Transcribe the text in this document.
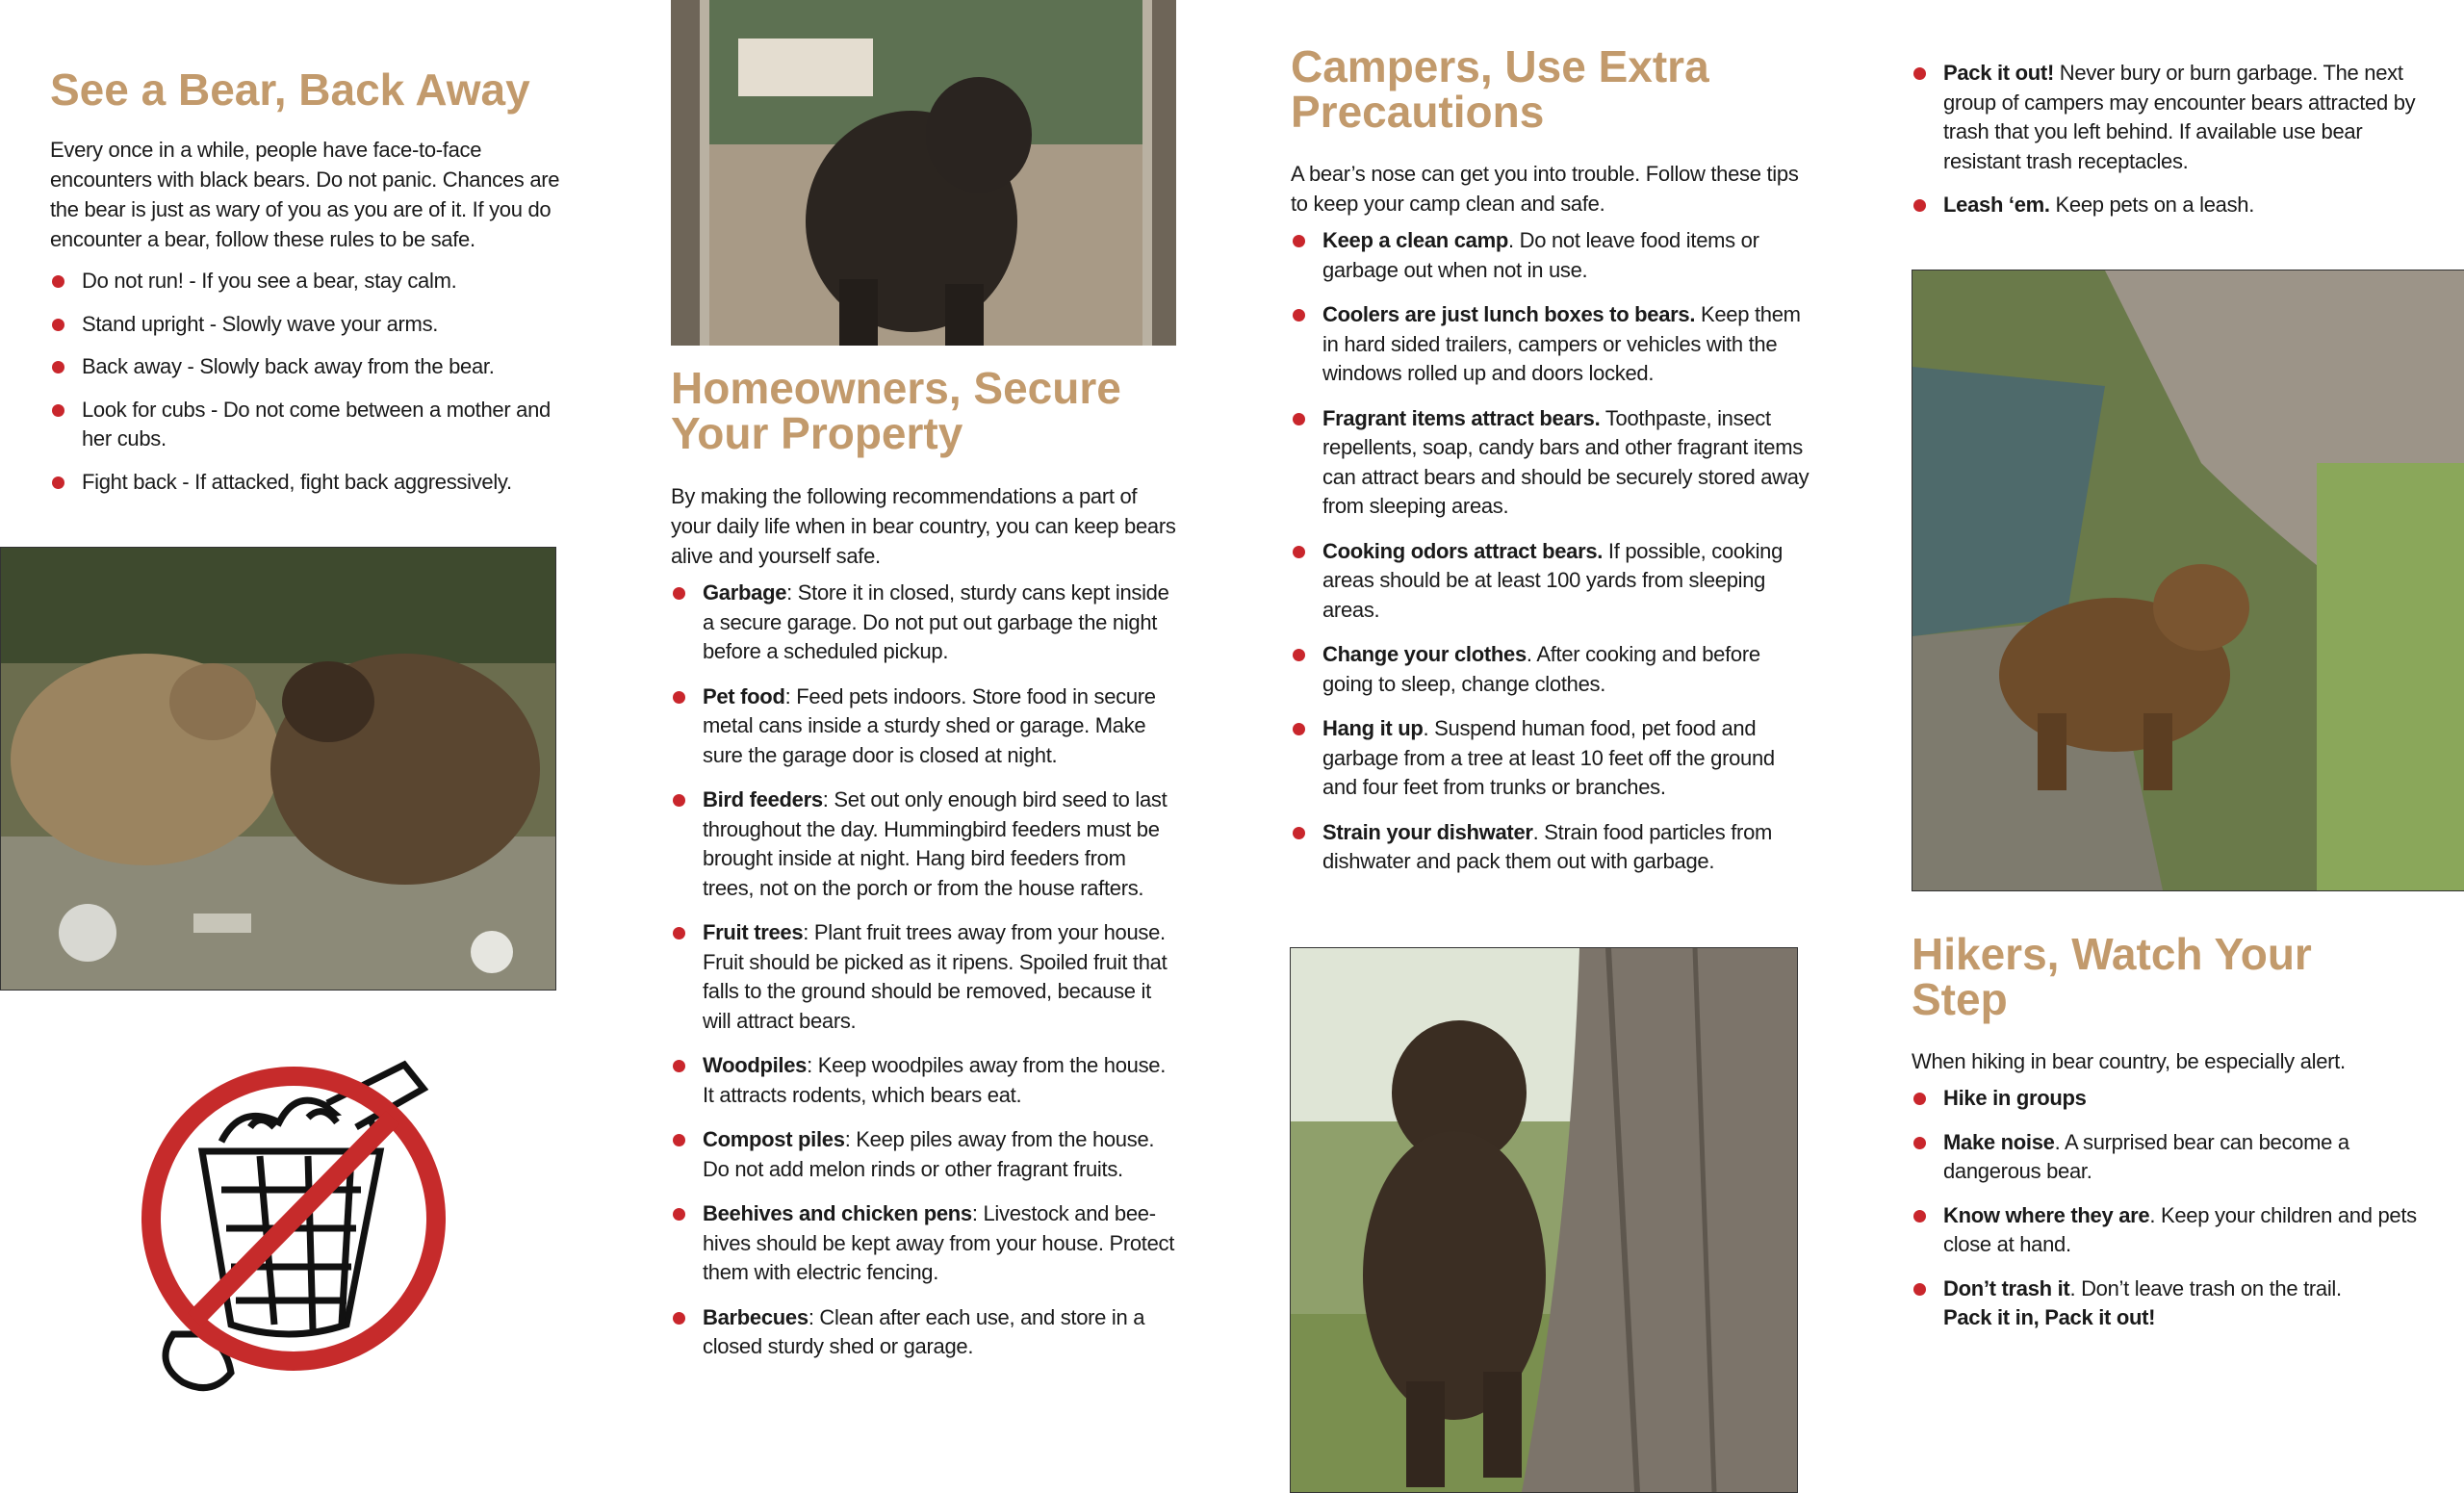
See a Bear, Back Away

Every once in a while, people have face-to-face encounters with black bears. Do not panic. Chances are the bear is just as wary of you as you are of it. If you do encounter a bear, follow these rules to be safe.

Do not run! - If you see a bear, stay calm.
Stand upright - Slowly wave your arms.
Back away - Slowly back away from the bear.
Look for cubs - Do not come between a mother and her cubs.
Fight back - If attacked, fight back aggressively.
Homeowners, Secure Your Property

By making the following recommendations a part of your daily life when in bear country, you can keep bears alive and yourself safe.

Garbage: Store it in closed, sturdy cans kept inside a secure garage. Do not put out garbage the night before a scheduled pickup.
Pet food: Feed pets indoors. Store food in secure metal cans inside a sturdy shed or garage. Make sure the garage door is closed at night.
Bird feeders: Set out only enough bird seed to last throughout the day. Hummingbird feeders must be brought inside at night. Hang bird feeders from trees, not on the porch or from the house rafters.
Fruit trees: Plant fruit trees away from your house. Fruit should be picked as it ripens. Spoiled fruit that falls to the ground should be removed, because it will attract bears.
Woodpiles: Keep woodpiles away from the house. It attracts rodents, which bears eat.
Compost piles: Keep piles away from the house. Do not add melon rinds or other fragrant fruits.
Beehives and chicken pens: Livestock and bee-hives should be kept away from your house. Protect them with electric fencing.
Barbecues: Clean after each use, and store in a closed sturdy shed or garage.
Campers, Use Extra Precautions

A bear’s nose can get you into trouble. Follow these tips to keep your camp clean and safe.

Keep a clean camp. Do not leave food items or garbage out when not in use.
Coolers are just lunch boxes to bears. Keep them in hard sided trailers, campers or vehicles with the windows rolled up and doors locked.
Fragrant items attract bears. Toothpaste, insect repellents, soap, candy bars and other fragrant items can attract bears and should be securely stored away from sleeping areas.
Cooking odors attract bears. If possible, cooking areas should be at least 100 yards from sleeping areas.
Change your clothes. After cooking and before going to sleep, change clothes.
Hang it up. Suspend human food, pet food and garbage from a tree at least 10 feet off the ground and four feet from trunks or branches.
Strain your dishwater. Strain food particles from dishwater and pack them out with garbage.
Pack it out! Never bury or burn garbage. The next group of campers may encounter bears attracted by trash that you left behind. If available use bear resistant trash receptacles.
Leash ‘em. Keep pets on a leash.
Hikers, Watch Your Step

When hiking in bear country, be especially alert.

Hike in groups
Make noise. A surprised bear can become a dangerous bear.
Know where they are. Keep your children and pets close at hand.
Don’t trash it. Don’t leave trash on the trail.
Pack it in, Pack it out!
